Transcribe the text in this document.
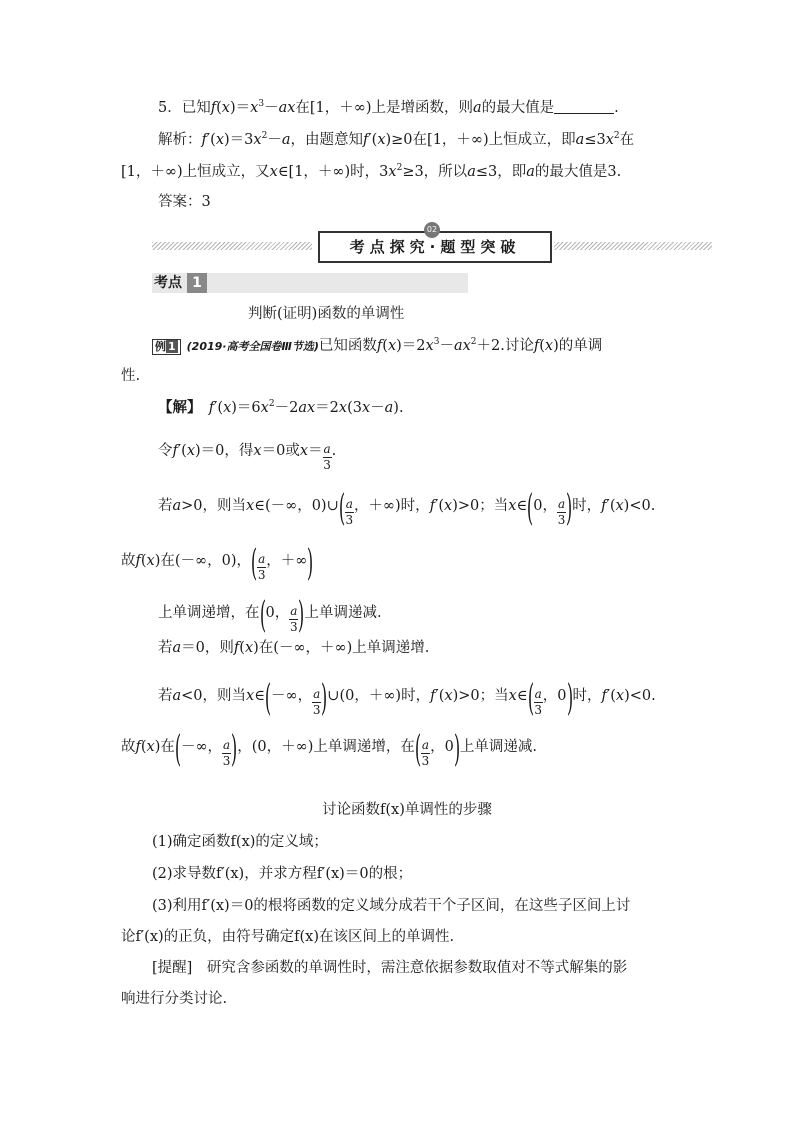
5．已知$f(x)=x^3-ax$在[1，＋∞)上是增函数，则a的最大值是	.
解析：$f'(x)=3x^2-a$，由题意知f′(x)≥0在[1，＋∞)上恒成立，即$a\le 3x^2$在
[1，＋∞)上恒成立，又x∈[1，＋∞)时，$3x^2\ge 3$，所以a≤3，即a的最大值是3.
答案：3
考点探究·题型突破
02
考点 1
判断(证明)函数的单调性
例 1 (2019·高考全国卷Ⅲ节选)已知函数$f(x)=2x^3-ax^2+2$.讨论f(x)的单调
性.
【解】　 $f'(x)=6x^2-2ax=2x(3x-a)$.
令f′(x)＝0，得x＝0或$x= \frac{a}{3}$ .
若a>0，则当x∈(－∞，0)∪( $\frac{a}{3}$ ，＋∞)时，f′(x)>0；当x∈(0， $\frac{a}{3}$ )时，f′(x)<0.
故f(x)在(－∞，0)，( $\frac{a}{3}$ ，＋∞)
上单调递增，在(0， $\frac{a}{3}$ )上单调递减.
若a＝0，则f(x)在(－∞，＋∞)上单调递增.
若a<0，则当x∈(－∞， $\frac{a}{3}$ )∪(0，＋∞)时，f′(x)>0；当x∈( $\frac{a}{3}$ ，0)时，f′(x)<0.
故f(x)在(－∞， $\frac{a}{3}$ )，(0，＋∞)上单调递增，在( $\frac{a}{3}$ ，0)上单调递减.
讨论函数f(x)单调性的步骤
(1)确定函数f(x)的定义域；
(2)求导数f′(x)，并求方程f′(x)＝0的根；
(3)利用f′(x)＝0的根将函数的定义域分成若干个子区间，在这些子区间上讨
论f′(x)的正负，由符号确定f(x)在该区间上的单调性.
[提醒]　研究含参函数的单调性时，需注意依据参数取值对不等式解集的影
响进行分类讨论.
